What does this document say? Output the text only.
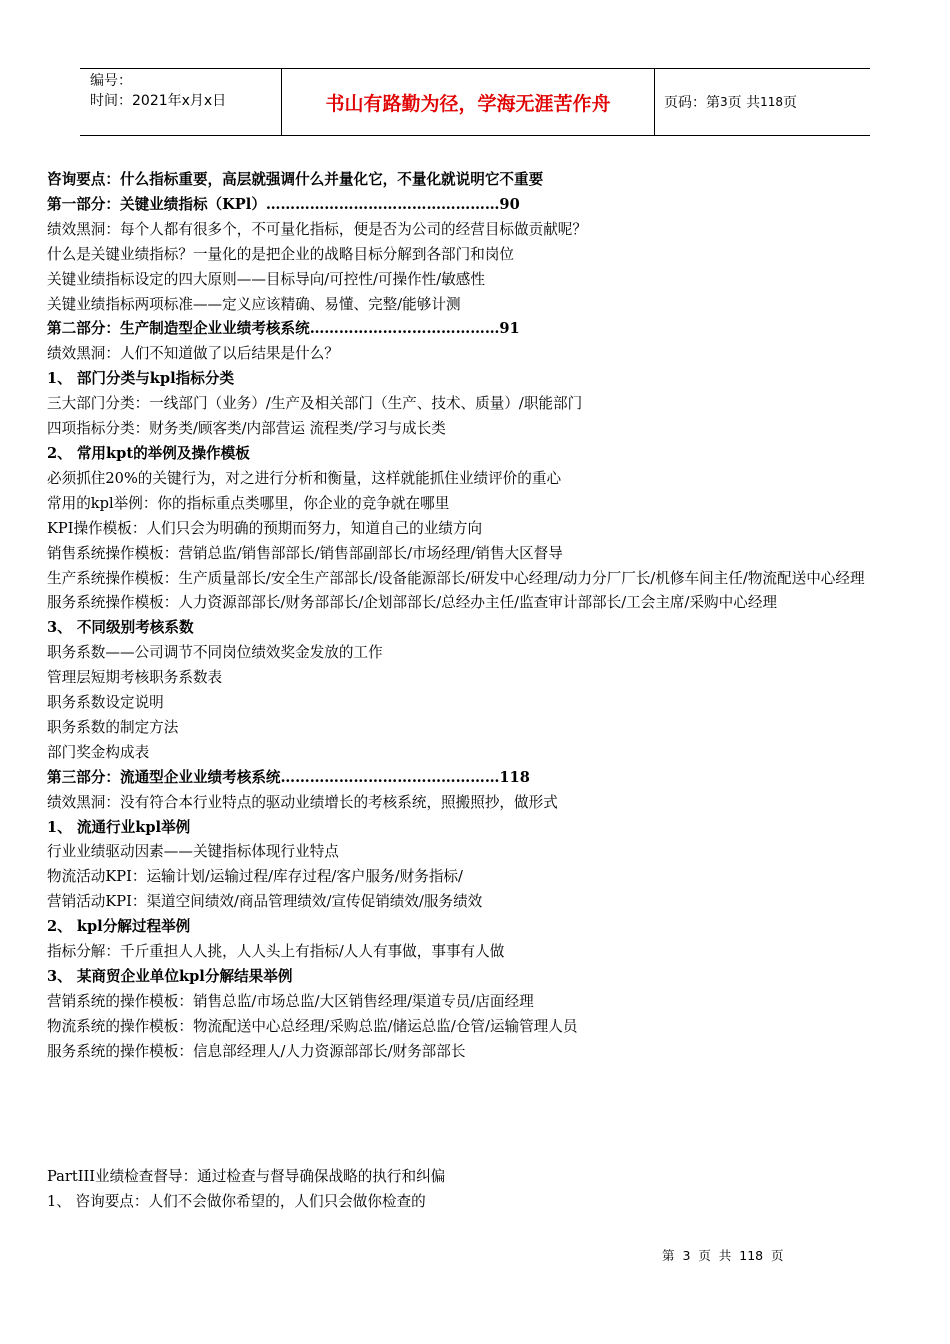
编号：
时间：2021年x月x日	书山有路勤为径，学海无涯苦作舟	页码：第 3 页 共 118 页
咨询要点：什么指标重要，高层就强调什么并量化它，不量化就说明它不重要
第一部分：关键业绩指标（KPl）…………………………………………90
绩效黑洞：每个人都有很多个，不可量化指标，便是否为公司的经营目标做贡献呢？
什么是关键业绩指标？一量化的是把企业的战略目标分解到各部门和岗位
关键业绩指标设定的四大原则——目标导向/可控性/可操作性/敏感性
关键业绩指标两项标准——定义应该精确、易懂、完整/能够计测
第二部分：生产制造型企业业绩考核系统…………………………………91
绩效黑洞：人们不知道做了以后结果是什么？
1、 部门分类与kpl指标分类
三大部门分类：一线部门（业务）/生产及相关部门（生产、技术、质量）/职能部门
四项指标分类：财务类/顾客类/内部营运 流程类/学习与成长类
2、 常用kpt的举例及操作模板
必须抓住20%的关键行为，对之进行分析和衡量，这样就能抓住业绩评价的重心
常用的kpl举例：你的指标重点类哪里，你企业的竞争就在哪里
KPI操作模板：人们只会为明确的预期而努力，知道自己的业绩方向
销售系统操作模板：营销总监/销售部部长/销售部副部长/市场经理/销售大区督导
生产系统操作模板：生产质量部长/安全生产部部长/设备能源部长/研发中心经理/动力分厂厂长/机修车间主任/物流配送中心经理
服务系统操作模板：人力资源部部长/财务部部长/企划部部长/总经办主任/监查审计部部长/工会主席/采购中心经理
3、 不同级别考核系数
职务系数——公司调节不同岗位绩效奖金发放的工作
管理层短期考核职务系数表
职务系数设定说明
职务系数的制定方法
部门奖金构成表
第三部分：流通型企业业绩考核系统………………………………………118
绩效黑洞：没有符合本行业特点的驱动业绩增长的考核系统，照搬照抄，做形式
1、 流通行业kpl举例
行业业绩驱动因素——关键指标体现行业特点
物流活动KPI：运输计划/运输过程/库存过程/客户服务/财务指标/
营销活动KPI：渠道空间绩效/商品管理绩效/宣传促销绩效/服务绩效
2、 kpl分解过程举例
指标分解：千斤重担人人挑，人人头上有指标/人人有事做，事事有人做
3、 某商贸企业单位kpl分解结果举例
营销系统的操作模板：销售总监/市场总监/大区销售经理/渠道专员/店面经理
物流系统的操作模板：物流配送中心总经理/采购总监/储运总监/仓管/运输管理人员
服务系统的操作模板：信息部经理人/人力资源部部长/财务部部长
PartIII业绩检查督导：通过检查与督导确保战略的执行和纠偏
1、 咨询要点：人们不会做你希望的，人们只会做你检查的
第  3  页  共  118  页
